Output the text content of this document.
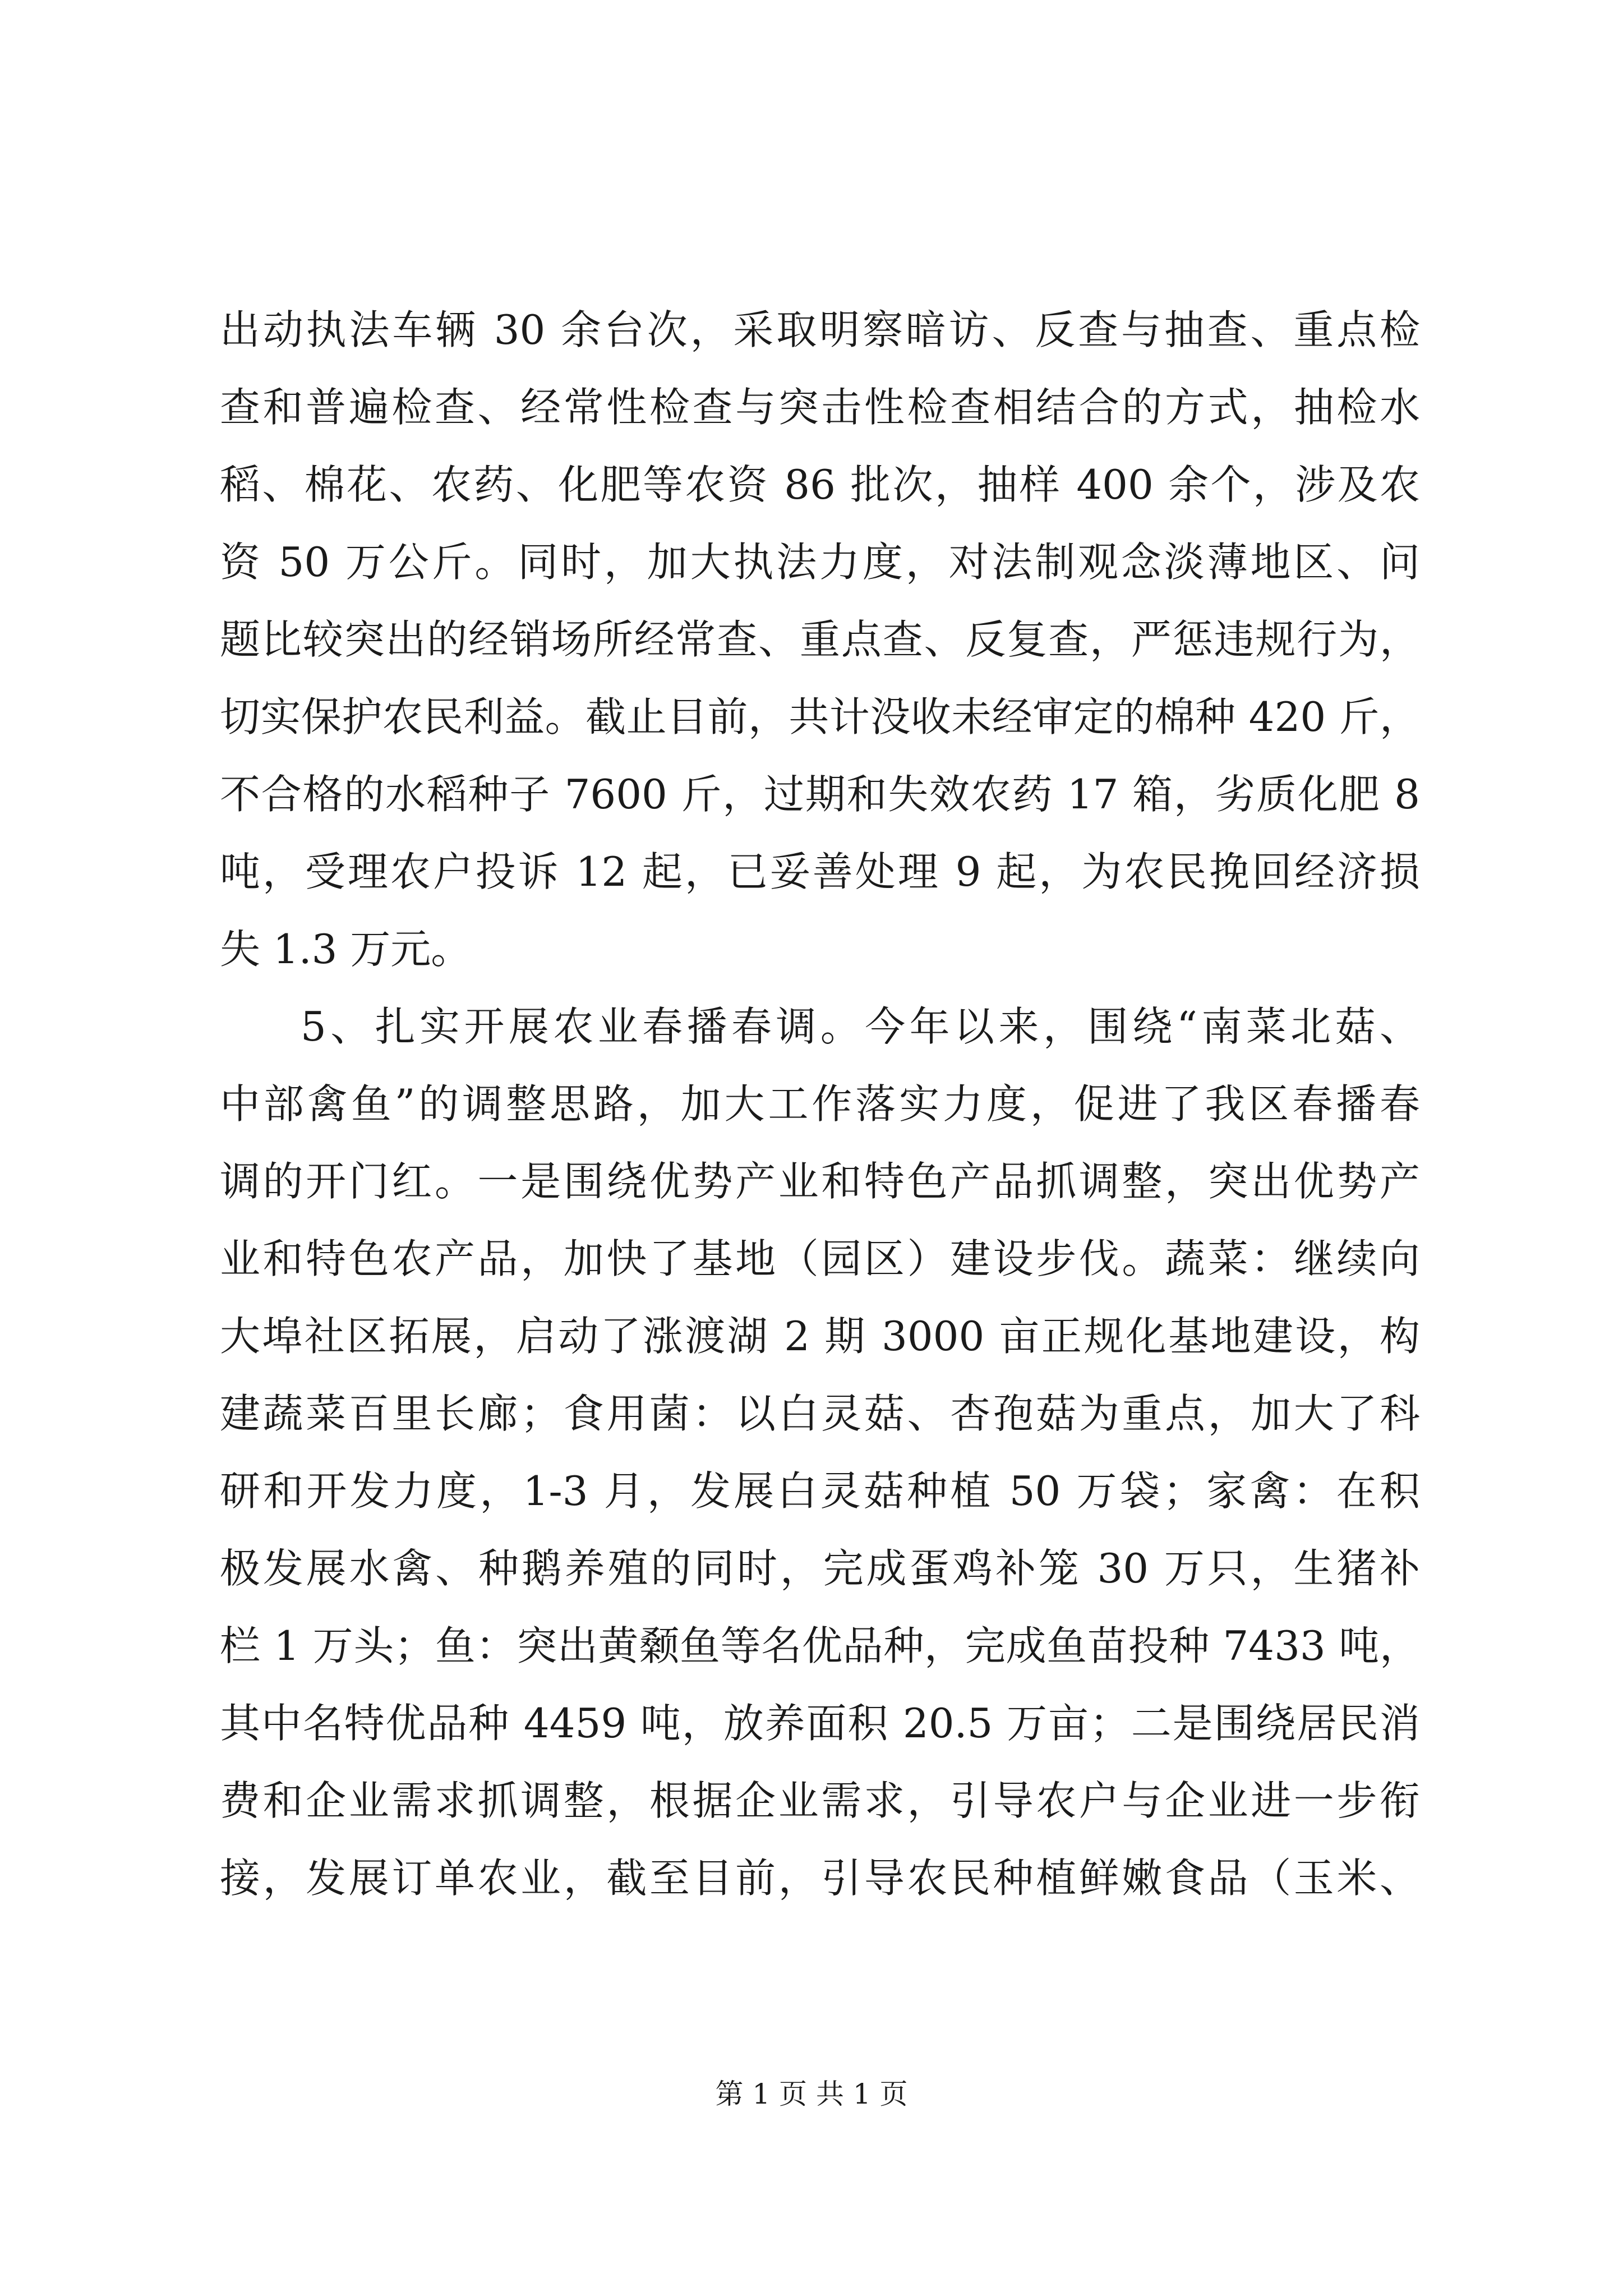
出动执法车辆 30 余台次，采取明察暗访、反查与抽查、重点检
查和普遍检查、经常性检查与突击性检查相结合的方式，抽检水
稻、棉花、农药、化肥等农资 86 批次，抽样 400 余个，涉及农
资 50 万公斤。同时，加大执法力度，对法制观念淡薄地区、问
题比较突出的经销场所经常查、重点查、反复查，严惩违规行为，
切实保护农民利益。截止目前，共计没收未经审定的棉种 420 斤，
不合格的水稻种子 7600 斤，过期和失效农药 17 箱，劣质化肥 8
吨，受理农户投诉 12 起，已妥善处理 9 起，为农民挽回经济损
失 1.3 万元。
5、扎实开展农业春播春调。今年以来，围绕“南菜北菇、
中部禽鱼”的调整思路，加大工作落实力度，促进了我区春播春
调的开门红。一是围绕优势产业和特色产品抓调整，突出优势产
业和特色农产品，加快了基地（园区）建设步伐。蔬菜：继续向
大埠社区拓展，启动了涨渡湖 2 期 3000 亩正规化基地建设，构
建蔬菜百里长廊；食用菌：以白灵菇、杏孢菇为重点，加大了科
研和开发力度，1-3 月，发展白灵菇种植 50 万袋；家禽：在积
极发展水禽、种鹅养殖的同时，完成蛋鸡补笼 30 万只，生猪补
栏 1 万头；鱼：突出黄颡鱼等名优品种，完成鱼苗投种 7433 吨，
其中名特优品种 4459 吨，放养面积 20.5 万亩；二是围绕居民消
费和企业需求抓调整，根据企业需求，引导农户与企业进一步衔
接，发展订单农业，截至目前，引导农民种植鲜嫩食品（玉米、
第 1 页 共 1 页
